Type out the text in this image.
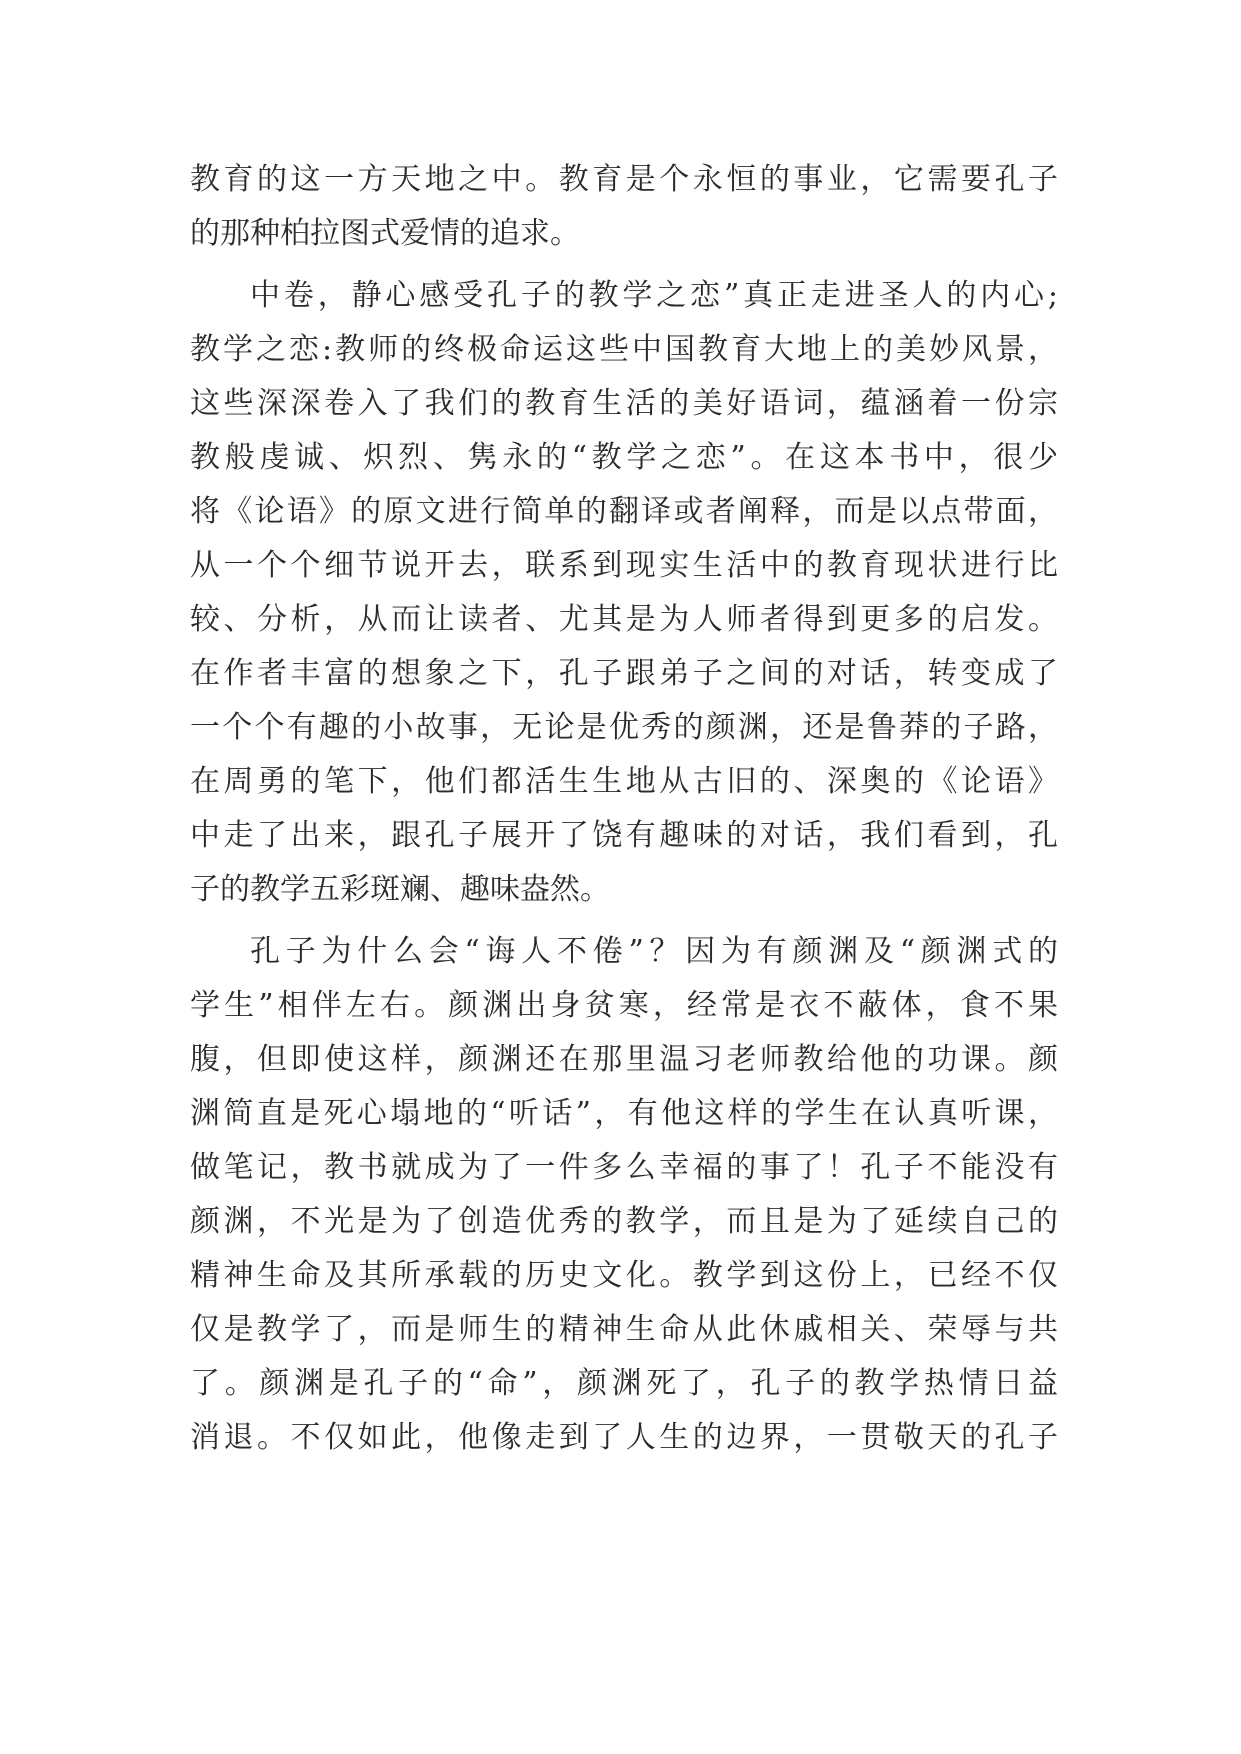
教育的这一方天地之中。教育是个永恒的事业，它需要孔子
的那种柏拉图式爱情的追求。
中卷，静心感受孔子的教学之恋”真正走进圣人的内心;
教学之恋:教师的终极命运这些中国教育大地上的美妙风景，
这些深深卷入了我们的教育生活的美好语词，蕴涵着一份宗
教般虔诚、炽烈、隽永的“教学之恋”。在这本书中，很少
将《论语》的原文进行简单的翻译或者阐释，而是以点带面，
从一个个细节说开去，联系到现实生活中的教育现状进行比
较、分析，从而让读者、尤其是为人师者得到更多的启发。
在作者丰富的想象之下，孔子跟弟子之间的对话，转变成了
一个个有趣的小故事，无论是优秀的颜渊，还是鲁莽的子路，
在周勇的笔下，他们都活生生地从古旧的、深奥的《论语》
中走了出来，跟孔子展开了饶有趣味的对话，我们看到，孔
子的教学五彩斑斓、趣味盎然。
孔子为什么会“诲人不倦”？因为有颜渊及“颜渊式的
学生”相伴左右。颜渊出身贫寒，经常是衣不蔽体，食不果
腹，但即使这样，颜渊还在那里温习老师教给他的功课。颜
渊简直是死心塌地的“听话”，有他这样的学生在认真听课，
做笔记，教书就成为了一件多么幸福的事了！孔子不能没有
颜渊，不光是为了创造优秀的教学，而且是为了延续自己的
精神生命及其所承载的历史文化。教学到这份上，已经不仅
仅是教学了，而是师生的精神生命从此休戚相关、荣辱与共
了。颜渊是孔子的“命”，颜渊死了，孔子的教学热情日益
消退。不仅如此，他像走到了人生的边界，一贯敬天的孔子
